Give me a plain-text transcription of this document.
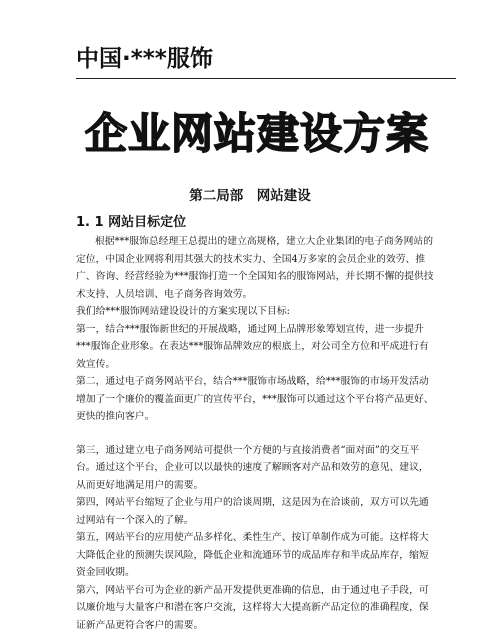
中国·***服饰
企业网站建设方案
第二局部　网站建设
1. 1 网站目标定位

根据***服饰总经理王总提出的建立高规格，建立大企业集团的电子商务网站的定位，中国企业网将利用其强大的技术实力、全国4万多家的会员企业的效劳、推广、咨询、经营经验为***服饰打造一个全国知名的服饰网站，并长期不懈的提供技术支持、人员培训、电子商务咨询效劳。

我们给***服饰网站建设设计的方案实现以下目标:

第一，结合***服饰新世纪的开展战略，通过网上品牌形象筹划宣传，进一步提升***服饰企业形象。在表达***服饰品牌效应的根底上，对公司全方位和平成进行有效宣传。

第二，通过电子商务网站平台，结合***服饰市场战略，给***服饰的市场开发活动增加了一个廉价的覆盖面更广的宣传平台，***服饰可以通过这个平台将产品更好、更快的推向客户。

第三，通过建立电子商务网站可提供一个方便的与直接消费者“面对面”的交互平台。通过这个平台，企业可以以最快的速度了解顾客对产品和效劳的意见、建议，从而更好地满足用户的需要。

第四，网站平台缩短了企业与用户的洽谈周期，这是因为在洽谈前，双方可以先通过网站有一个深入的了解。

第五，网站平台的应用使产品多样化、柔性生产、按订单制作成为可能。这样将大大降低企业的预测失误风险，降低企业和流通环节的成品库存和半成品库存，缩短资金回收期。

第六，网站平台可为企业的新产品开发提供更准确的信息，由于通过电子手段，可以廉价地与大量客户和潜在客户交流，这样将大大提高新产品定位的准确程度，保证新产品更符合客户的需要。
